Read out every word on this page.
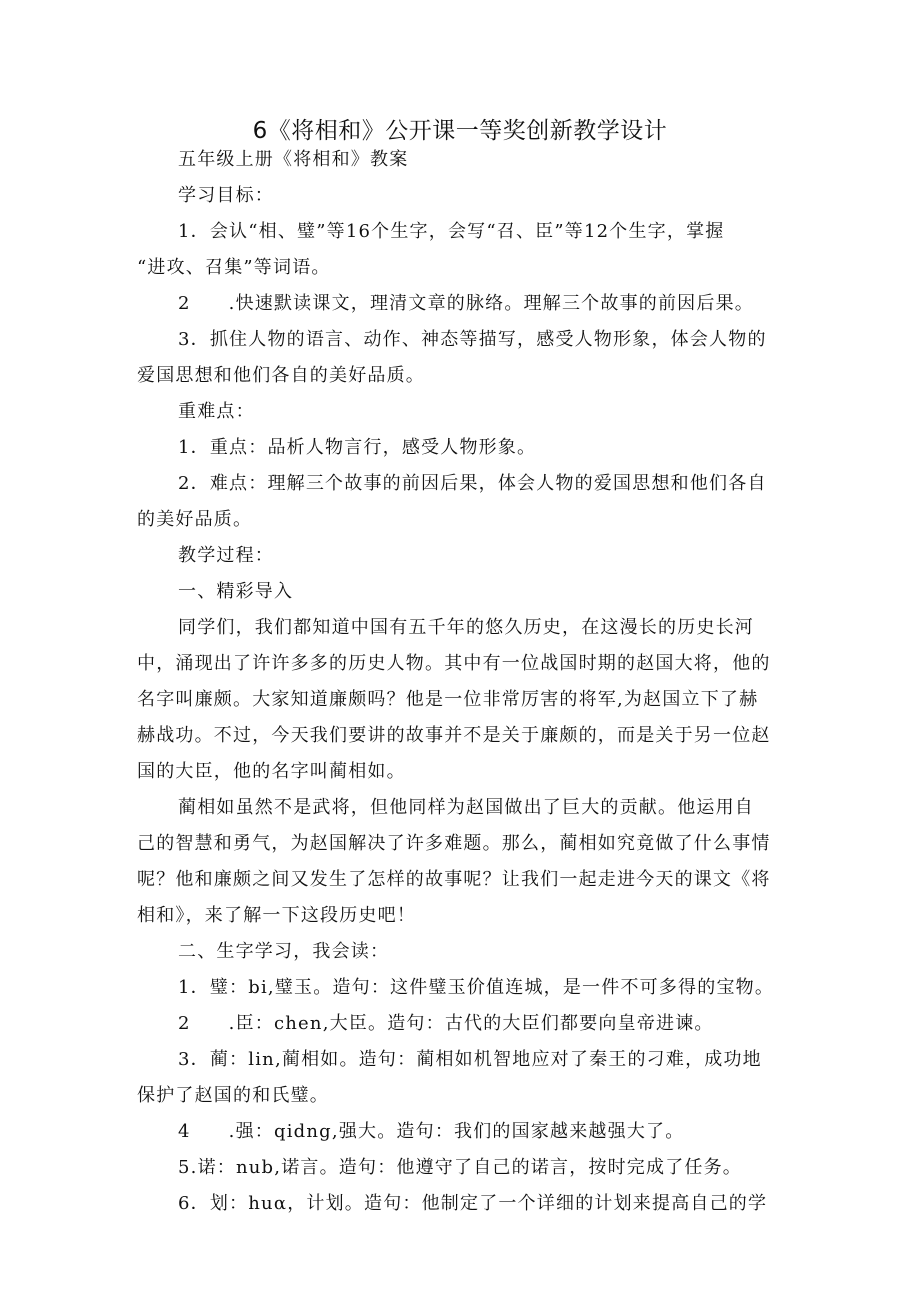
6《将相和》公开课一等奖创新教学设计

五年级上册《将相和》教案

学习目标：

1．会认“相、璧”等16个生字，会写“召、臣”等12个生字，掌握

“进攻、召集”等词语。

2 .快速默读课文，理清文章的脉络。理解三个故事的前因后果。

3．抓住人物的语言、动作、神态等描写，感受人物形象，体会人物的

爱国思想和他们各自的美好品质。

重难点：

1．重点：品析人物言行，感受人物形象。

2．难点：理解三个故事的前因后果，体会人物的爱国思想和他们各自

的美好品质。

教学过程：

一、精彩导入

同学们，我们都知道中国有五千年的悠久历史，在这漫长的历史长河

中，涌现出了许许多多的历史人物。其中有一位战国时期的赵国大将，他的

名字叫廉颇。大家知道廉颇吗？他是一位非常厉害的将军,为赵国立下了赫

赫战功。不过，今天我们要讲的故事并不是关于廉颇的，而是关于另一位赵

国的大臣，他的名字叫蔺相如。

蔺相如虽然不是武将，但他同样为赵国做出了巨大的贡献。他运用自

己的智慧和勇气，为赵国解决了许多难题。那么，蔺相如究竟做了什么事情

呢？他和廉颇之间又发生了怎样的故事呢？让我们一起走进今天的课文《将

相和》，来了解一下这段历史吧！

二、生字学习，我会读：

1．璧：bi,璧玉。造句：这件璧玉价值连城，是一件不可多得的宝物。

2 .臣：chen,大臣。造句：古代的大臣们都要向皇帝进谏。

3．蔺：lin,蔺相如。造句：蔺相如机智地应对了秦王的刁难，成功地

保护了赵国的和氏璧。

4 .强：qidng,强大。造句：我们的国家越来越强大了。

5.诺：nub,诺言。造句：他遵守了自己的诺言，按时完成了任务。

6．划：huα，计划。造句：他制定了一个详细的计划来提高自己的学
